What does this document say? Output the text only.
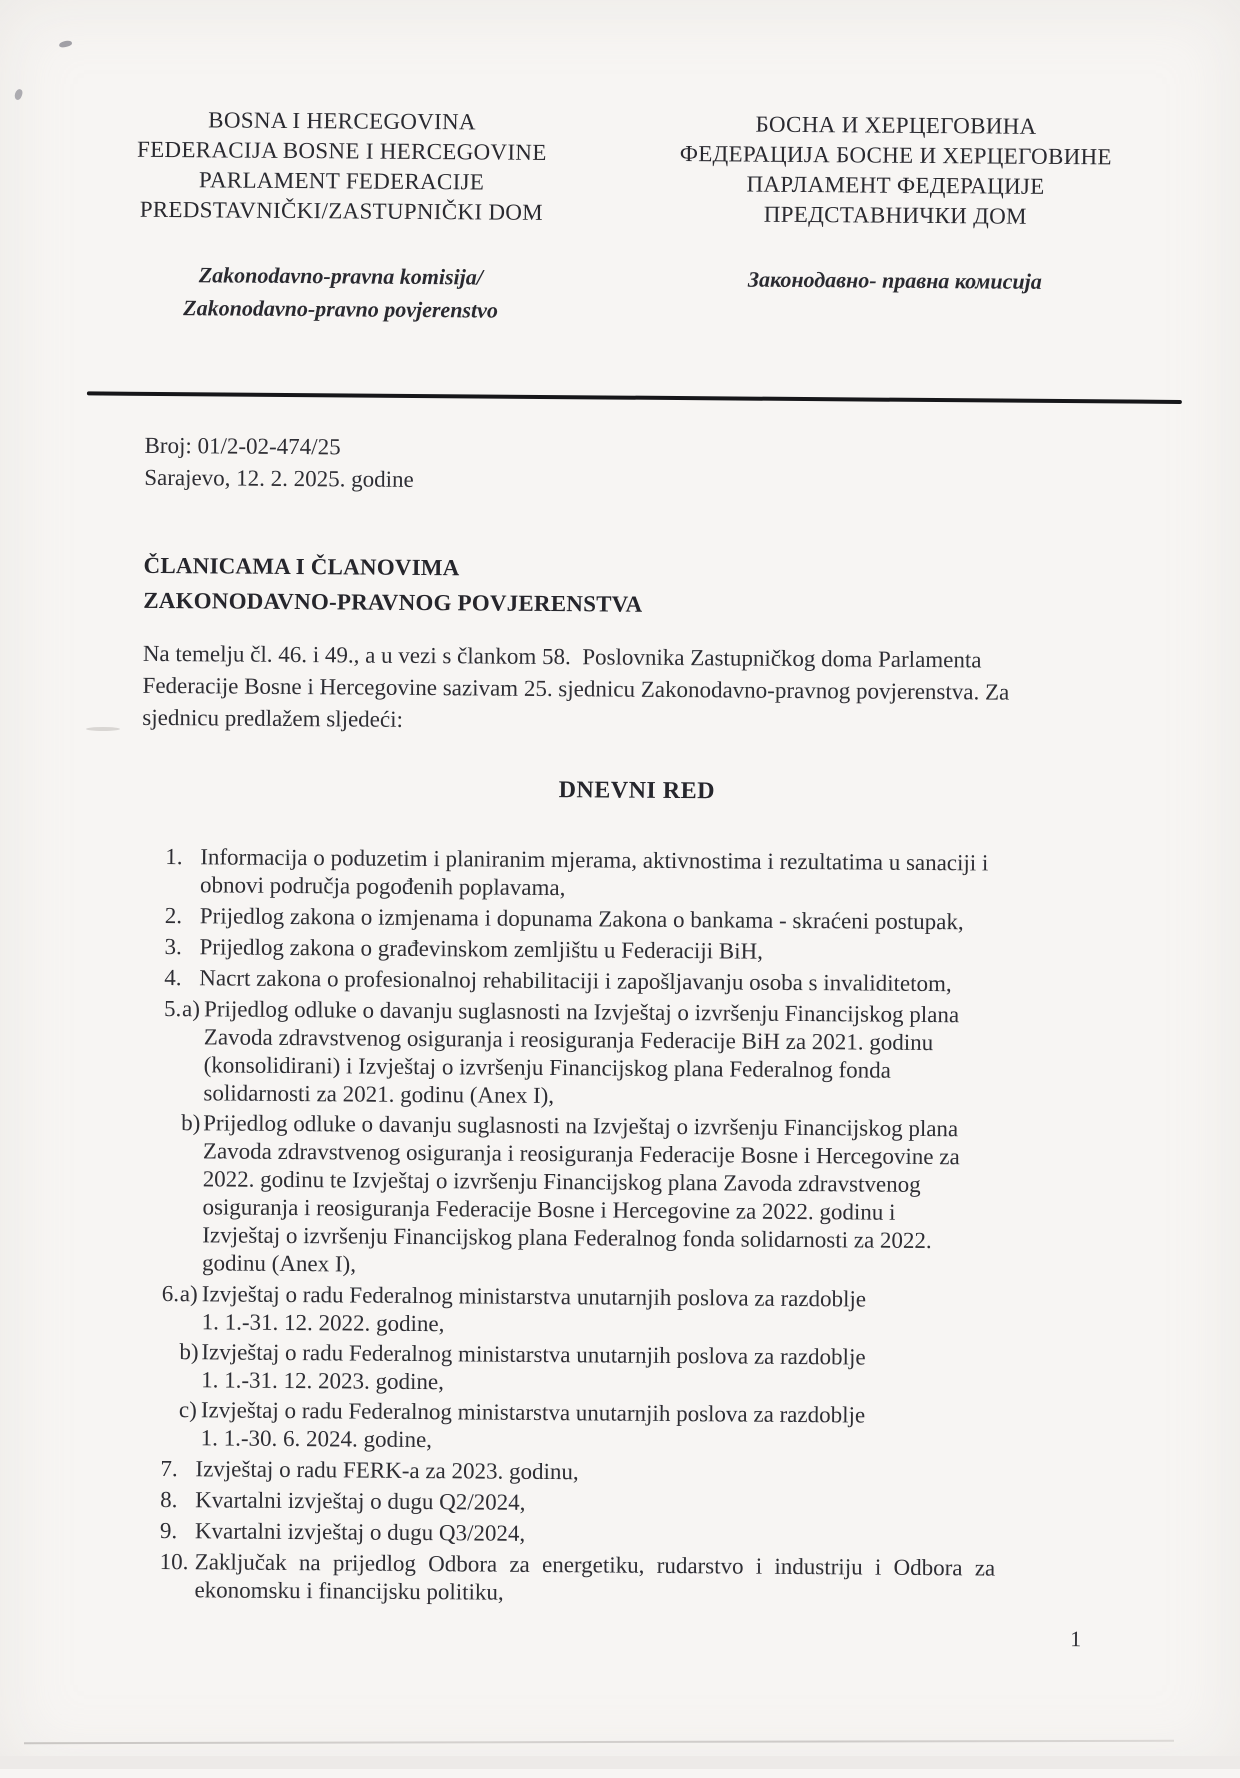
BOSNA I HERCEGOVINA
FEDERACIJA BOSNE I HERCEGOVINE
PARLAMENT FEDERACIJE
PREDSTAVNIČKI/ZASTUPNIČKI DOM
Zakonodavno-pravna komisija/
Zakonodavno-pravno povjerenstvo
БОСНА И ХЕРЦЕГОВИНА
ФЕДЕРАЦИЈА БОСНЕ И ХЕРЦЕГОВИНЕ
ПАРЛАМЕНТ ФЕДЕРАЦИЈЕ
ПРЕДСТАВНИЧКИ ДОМ
Законодавно- правна комисија
Broj: 01/2-02-474/25
Sarajevo, 12. 2. 2025. godine
ČLANICAMA I ČLANOVIMA
ZAKONODAVNO-PRAVNOG POVJERENSTVA
Na temelju čl. 46. i 49., a u vezi s člankom 58.  Poslovnika Zastupničkog doma Parlamenta
Federacije Bosne i Hercegovine sazivam 25. sjednicu Zakonodavno-pravnog povjerenstva. Za
sjednicu predlažem sljedeći:
DNEVNI RED
1. Informacija o poduzetim i planiranim mjerama, aktivnostima i rezultatima u sanaciji i
obnovi područja pogođenih poplavama,
2. Prijedlog zakona o izmjenama i dopunama Zakona o bankama - skraćeni postupak,
3. Prijedlog zakona o građevinskom zemljištu u Federaciji BiH,
4. Nacrt zakona o profesionalnoj rehabilitaciji i zapošljavanju osoba s invaliditetom,
5. a) Prijedlog odluke o davanju suglasnosti na Izvještaj o izvršenju Financijskog plana
Zavoda zdravstvenog osiguranja i reosiguranja Federacije BiH za 2021. godinu
(konsolidirani) i Izvještaj o izvršenju Financijskog plana Federalnog fonda
solidarnosti za 2021. godinu (Anex I),
b) Prijedlog odluke o davanju suglasnosti na Izvještaj o izvršenju Financijskog plana
Zavoda zdravstvenog osiguranja i reosiguranja Federacije Bosne i Hercegovine za
2022. godinu te Izvještaj o izvršenju Financijskog plana Zavoda zdravstvenog
osiguranja i reosiguranja Federacije Bosne i Hercegovine za 2022. godinu i
Izvještaj o izvršenju Financijskog plana Federalnog fonda solidarnosti za 2022.
godinu (Anex I),
6. a) Izvještaj o radu Federalnog ministarstva unutarnjih poslova za razdoblje
1. 1.-31. 12. 2022. godine,
b) Izvještaj o radu Federalnog ministarstva unutarnjih poslova za razdoblje
1. 1.-31. 12. 2023. godine,
c) Izvještaj o radu Federalnog ministarstva unutarnjih poslova za razdoblje
1. 1.-30. 6. 2024. godine,
7. Izvještaj o radu FERK-a za 2023. godinu,
8. Kvartalni izvještaj o dugu Q2/2024,
9. Kvartalni izvještaj o dugu Q3/2024,
10. Zaključak na prijedlog Odbora za energetiku, rudarstvo i industriju i Odbora za
ekonomsku i financijsku politiku,
1
